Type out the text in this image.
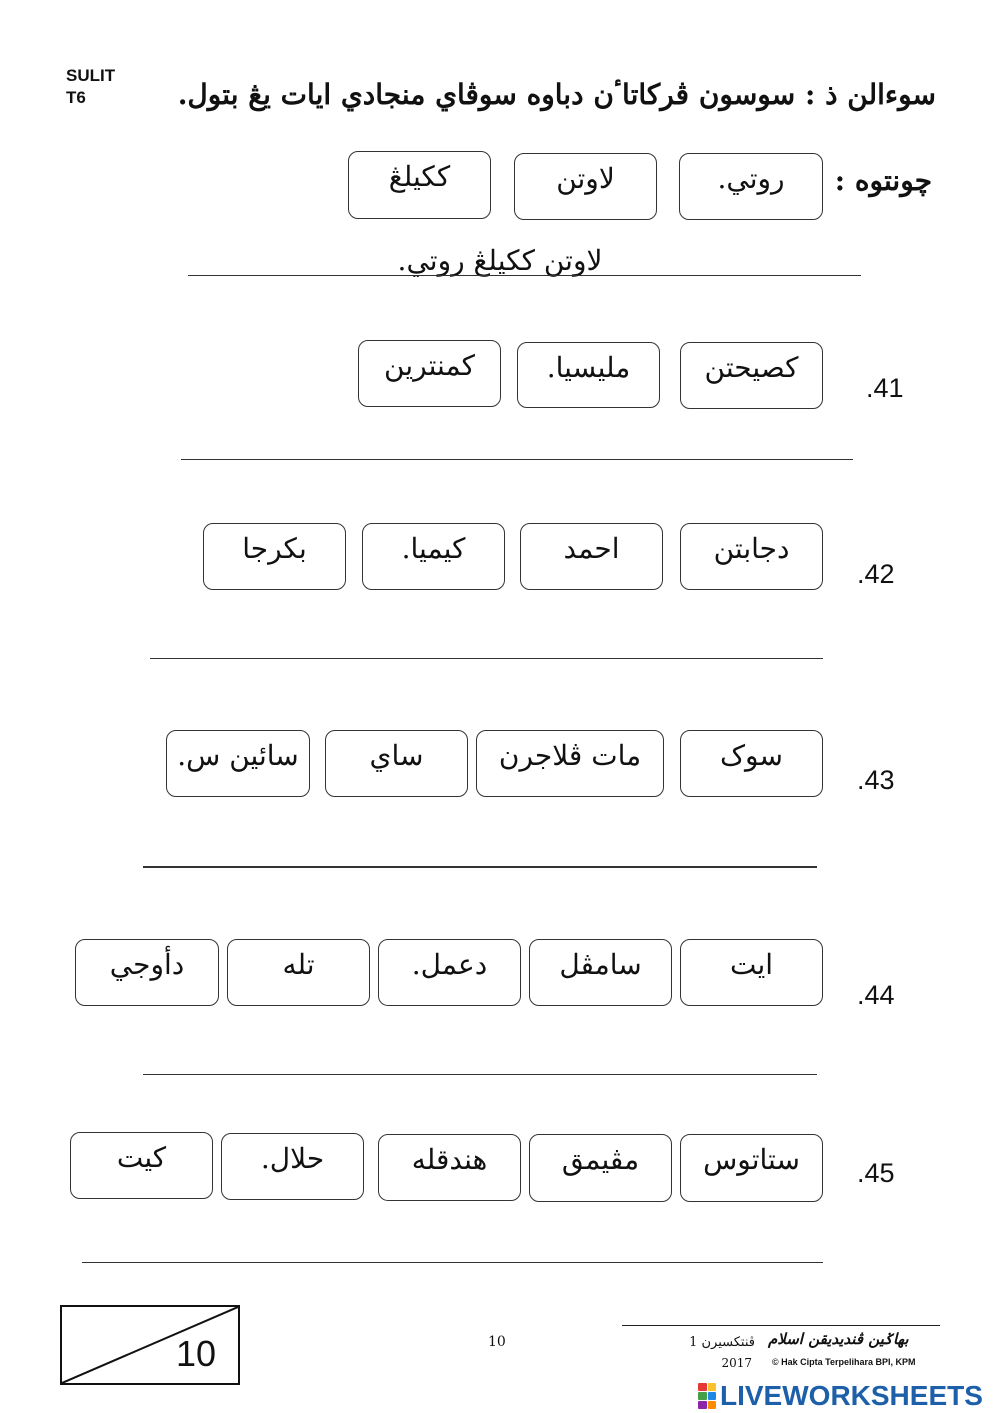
SULIT
T6	سوءالن ذ : سوسون ڤركاتاٴن دباوه سوڤاي منجادي ايات يڠ بتول.
چونتوه :
روتي.
لاوتن
ككيلڠ
لاوتن ككيلڠ روتي.
.41
كصيحتن
مليسيا.
كمنترين
.42
دجابتن
احمد
كيميا.
بكرجا
.43
سوک
مات ڤلاجرن
ساي
سائين س.
.44
ايت
سامڤل
دعمل.
تله
دأوجي
.45
ستاتوس
مڤيمق
هندقله
حلال.
كيت
10	10	ڤنتكسيرن 1
2017
بهاݢين ڤنديديقن اسلام
© Hak Cipta Terpelihara BPI, KPM
LIVEWORKSHEETS
